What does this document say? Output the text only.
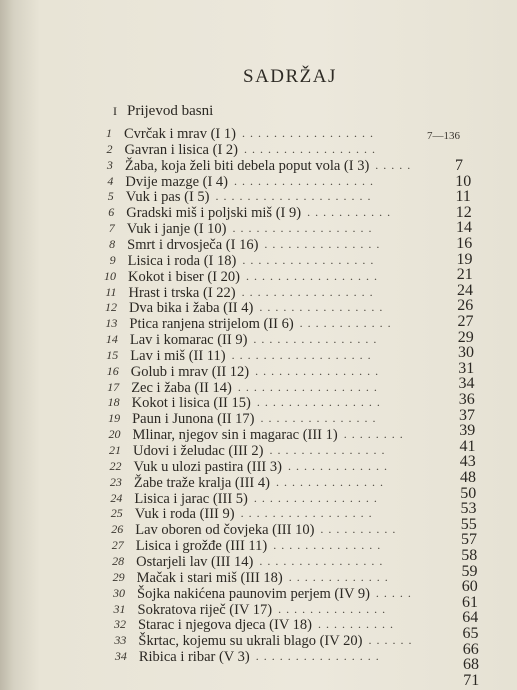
SADRŽAJ
I Prijevod basni
7—136
1 Cvrčak i mrav (I 1) .................
2 Gavran i lisica (I 2) .................
3 Žaba, koja želi biti debela poput vola (I 3) .....
4 Dvije mazge (I 4) ..................
5 Vuk i pas (I 5) ....................
6 Gradski miš i poljski miš (I 9) ...........
7 Vuk i janje (I 10) ..................
8 Smrt i drvosječa (I 16) ...............
9 Lisica i roda (I 18) .................
10 Kokot i biser (I 20) .................
11 Hrast i trska (I 22) .................
12 Dva bika i žaba (II 4) ................
13 Ptica ranjena strijelom (II 6) ............
14 Lav i komarac (II 9) ................
15 Lav i miš (II 11) ..................
16 Golub i mrav (II 12) ................
17 Zec i žaba (II 14) ..................
18 Kokot i lisica (II 15) ................
19 Paun i Junona (II 17) ...............
20 Mlinar, njegov sin i magarac (III 1) ........
21 Udovi i želudac (III 2) ...............
22 Vuk u ulozi pastira (III 3) .............
23 Žabe traže kralja (III 4) ..............
24 Lisica i jarac (III 5) ................
25 Vuk i roda (III 9) .................
26 Lav oboren od čovjeka (III 10) ..........
27 Lisica i grožđe (III 11) ..............
28 Ostarjeli lav (III 14) ................
29 Mačak i stari miš (III 18) .............
30 Šojka nakićena paunovim perjem (IV 9) .....
31 Sokratova riječ (IV 17) ..............
32 Starac i njegova djeca (IV 18) ..........
33 Škrtac, kojemu su ukrali blago (IV 20) ......
34 Ribica i ribar (V 3) ................
7
10
11
12
14
16
19
21
24
26
27
29
30
31
34
36
37
39
41
43
48
50
53
55
57
58
59
60
61
64
65
66
68
71
